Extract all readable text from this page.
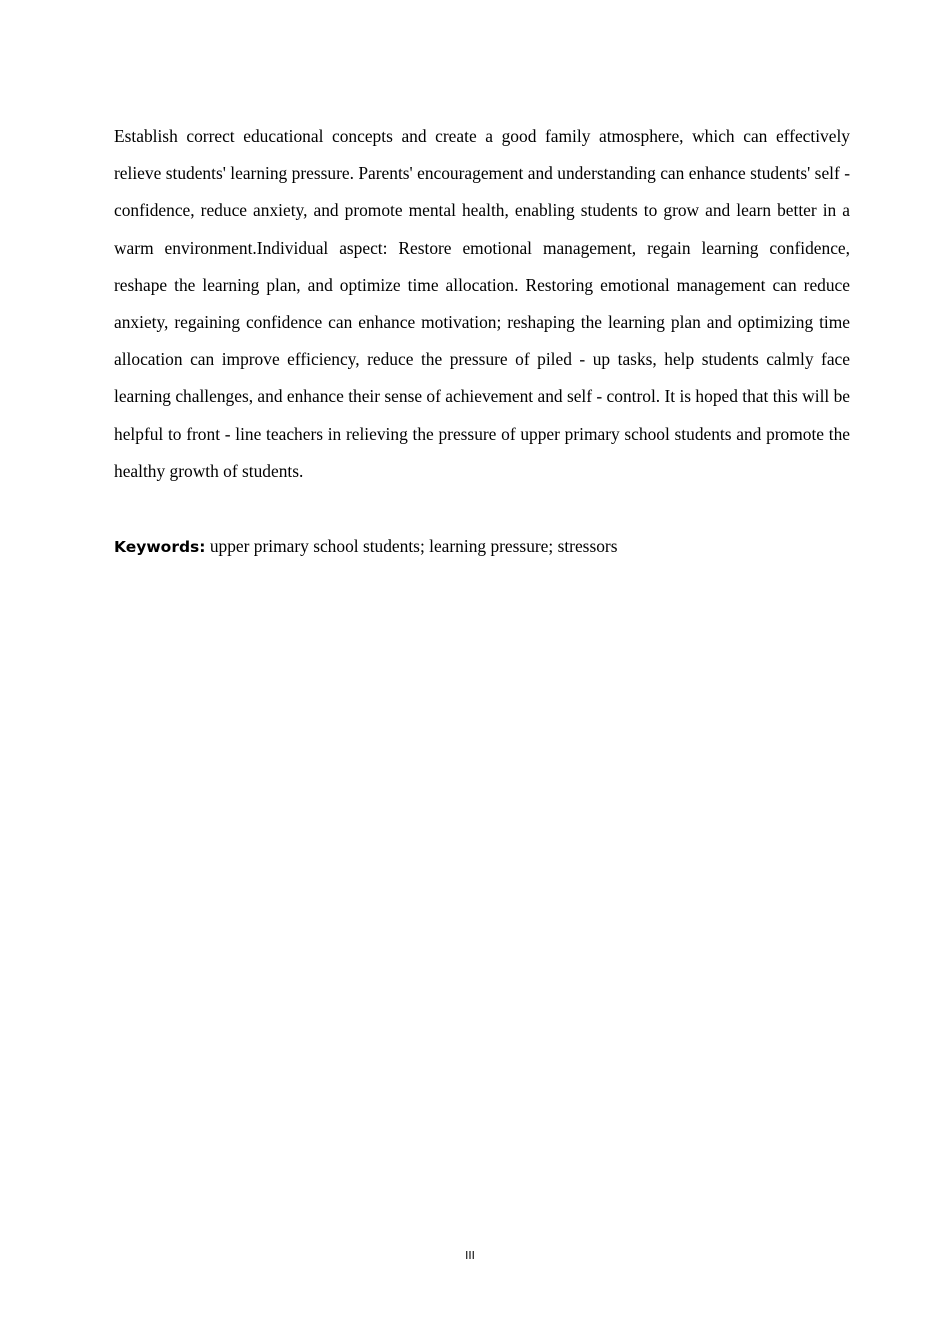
Establish correct educational concepts and create a good family atmosphere, which can effectively relieve students' learning pressure. Parents' encouragement and understanding can enhance students' self - confidence, reduce anxiety, and promote mental health, enabling students to grow and learn better in a warm environment.Individual aspect: Restore emotional management, regain learning confidence, reshape the learning plan, and optimize time allocation. Restoring emotional management can reduce anxiety, regaining confidence can enhance motivation; reshaping the learning plan and optimizing time allocation can improve efficiency, reduce the pressure of piled - up tasks, help students calmly face learning challenges, and enhance their sense of achievement and self - control. It is hoped that this will be helpful to front - line teachers in relieving the pressure of upper primary school students and promote the healthy growth of students.

Keywords: upper primary school students; learning pressure; stressors

III
